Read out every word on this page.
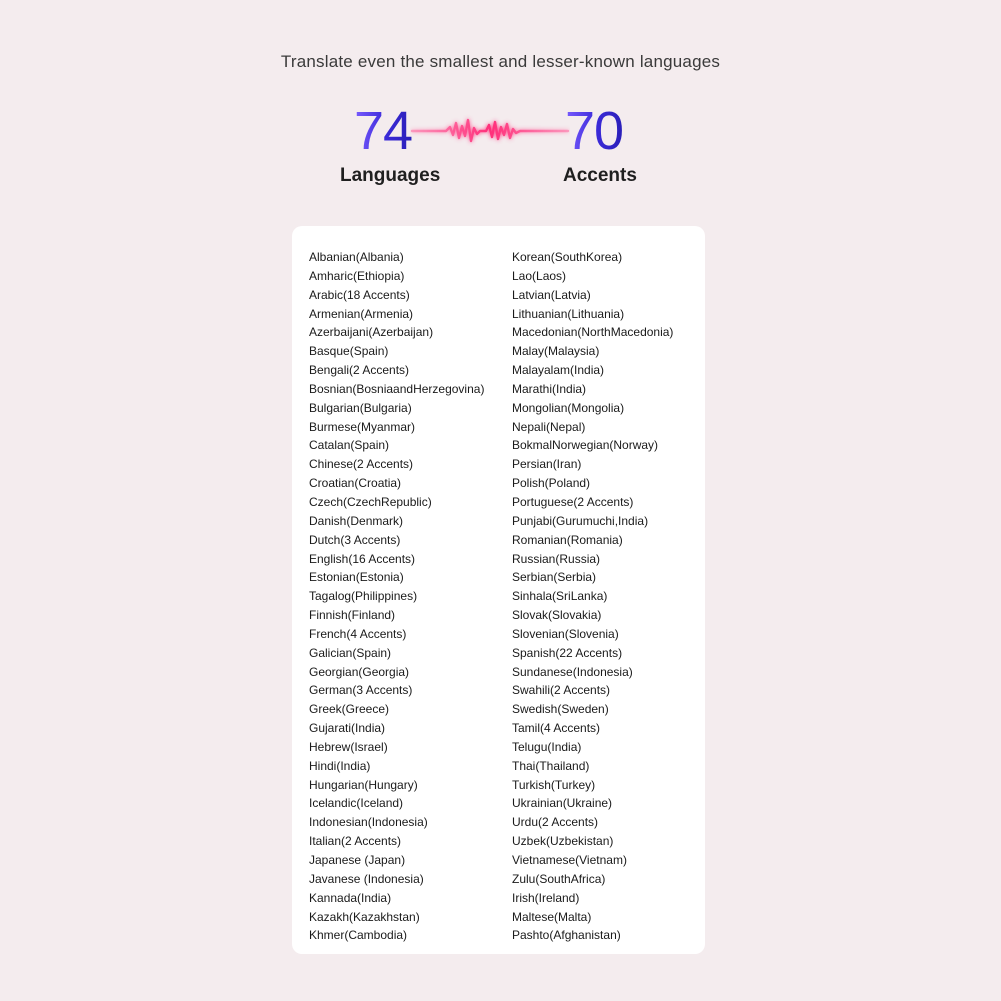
Translate even the smallest and lesser-known languages
74	70
Languages	Accents
Albanian(Albania)
Amharic(Ethiopia)
Arabic(18 Accents)
Armenian(Armenia)
Azerbaijani(Azerbaijan)
Basque(Spain)
Bengali(2 Accents)
Bosnian(BosniaandHerzegovina)
Bulgarian(Bulgaria)
Burmese(Myanmar)
Catalan(Spain)
Chinese(2 Accents)
Croatian(Croatia)
Czech(CzechRepublic)
Danish(Denmark)
Dutch(3 Accents)
English(16 Accents)
Estonian(Estonia)
Tagalog(Philippines)
Finnish(Finland)
French(4 Accents)
Galician(Spain)
Georgian(Georgia)
German(3 Accents)
Greek(Greece)
Gujarati(India)
Hebrew(Israel)
Hindi(India)
Hungarian(Hungary)
Icelandic(Iceland)
Indonesian(Indonesia)
Italian(2 Accents)
Japanese (Japan)
Javanese (Indonesia)
Kannada(India)
Kazakh(Kazakhstan)
Khmer(Cambodia)
Korean(SouthKorea)
Lao(Laos)
Latvian(Latvia)
Lithuanian(Lithuania)
Macedonian(NorthMacedonia)
Malay(Malaysia)
Malayalam(India)
Marathi(India)
Mongolian(Mongolia)
Nepali(Nepal)
BokmalNorwegian(Norway)
Persian(Iran)
Polish(Poland)
Portuguese(2 Accents)
Punjabi(Gurumuchi,India)
Romanian(Romania)
Russian(Russia)
Serbian(Serbia)
Sinhala(SriLanka)
Slovak(Slovakia)
Slovenian(Slovenia)
Spanish(22 Accents)
Sundanese(Indonesia)
Swahili(2 Accents)
Swedish(Sweden)
Tamil(4 Accents)
Telugu(India)
Thai(Thailand)
Turkish(Turkey)
Ukrainian(Ukraine)
Urdu(2 Accents)
Uzbek(Uzbekistan)
Vietnamese(Vietnam)
Zulu(SouthAfrica)
Irish(Ireland)
Maltese(Malta)
Pashto(Afghanistan)
